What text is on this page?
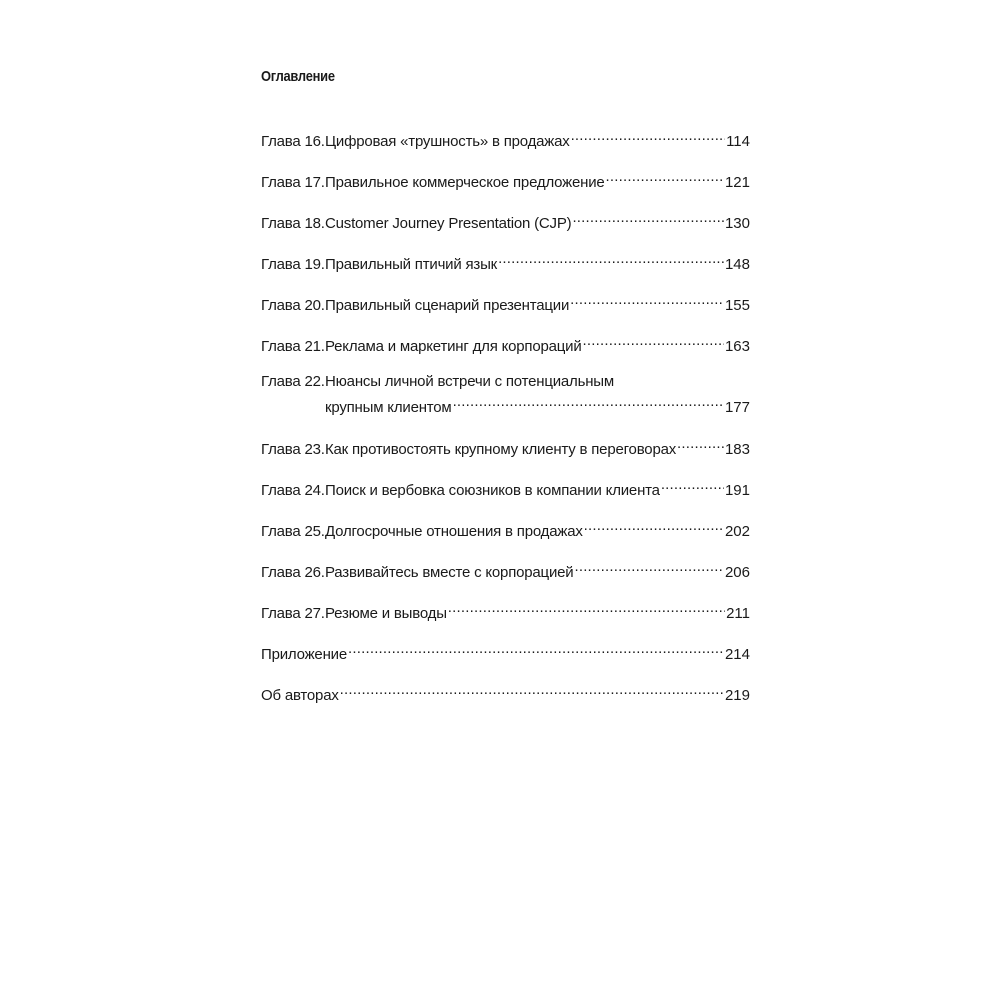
Оглавление
Глава 16. Цифровая «трушность» в продажах .....	114
Глава 17. Правильное коммерческое предложение .....	121
Глава 18. Customer Journey Presentation (CJP) .....	130
Глава 19. Правильный птичий язык .....	148
Глава 20. Правильный сценарий презентации .....	155
Глава 21. Реклама и маркетинг для корпораций .....	163
Глава 22. Нюансы личной встречи с потенциальным
крупным клиентом .....	177
Глава 23. Как противостоять крупному клиенту в переговорах .....	183
Глава 24. Поиск и вербовка союзников в компании клиента .....	191
Глава 25. Долгосрочные отношения в продажах .....	202
Глава 26. Развивайтесь вместе с корпорацией .....	206
Глава 27. Резюме и выводы .....	211
Приложение .....	214
Об авторах .....	219
